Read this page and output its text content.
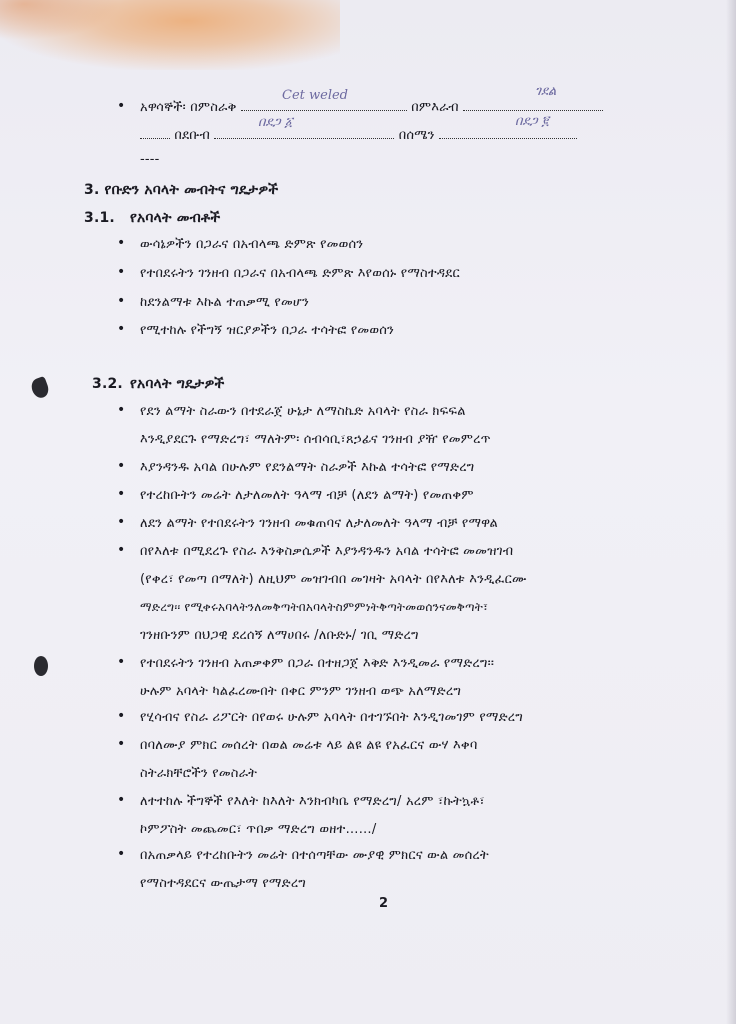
• አዋሳኞች፡ በምስራቅ	በምእራብ
Cet weled	ገደል
በደቡብ	በሰሜን
በደጋ ፩	በደጋ ፪
----
3. የቡድን አባላት መብትና ግዴታዎች
3.1. የአባላት መብቶች
• ውሳኔዎችን በጋራና በአብላጫ ድምጽ የመወሰን
• የተበደሩትን ገንዘብ በጋራና በአብላጫ ድምጽ እየወሰኑ የማስተዳደር
• ከደንልማቱ እኩል ተጠቃሚ የመሆን
• የሚተከሉ የችግኝ ዝርያዎችን በጋራ ተሳትፎ የመወሰን
3.2. የአባላት ግዴታዎች
• የደን ልማት ስራውን በተደራጀ ሁኔታ ለማስኬድ አባላት የስራ ክፍፍል
እንዲያደርጉ የማድረግ፣ ማለትም፡ ሰብሳቢ፣ጸኃፊና ገንዘብ ያዥ የመምረጥ
• እያንዳንዱ አባል በሁሉም የደንልማት ስራዎች እኩል ተሳትፎ የማድረግ
• የተረከቡትን መሬት ለታለመለት ዓላማ ብቻ (ለደን ልማት) የመጠቀም
• ለደን ልማት የተበደሩትን ገንዘብ መቁጠባና ለታለመለት ዓላማ ብቻ የማዋል
• በየእለቱ በሚደረጉ የስራ እንቅስቃሴዎች እያንዳንዱን አባል ተሳትፎ መመዝገብ
(የቀረ፣ የመጣ በማለት) ለዚህም መዝገብበ መገዛት አባላት በየእለቱ እንዲፈርሙ
ማድረግ፡፡ የሚቀሩአባላትንለመቅጣትበአባላትስምምነትቅጣትመወሰንናመቅጣት፣
ገንዘቡንም በህጋዊ ደረሰኝ ለማሀበሩ /ለቡድኑ/ ገቢ ማድረግ
• የተበደሩትን ገንዘብ አጠቃቀም በጋራ በተዘጋጀ እቅድ እንዲመራ የማድረግ፡፡
ሁሉም አባላት ካልፈረሙበት በቀር ምንም ገንዘብ ወጭ አለማድረግ
• የሂሳብና የስራ ሪፖርት በየወሩ ሁሉም አባላት በተገኙበት እንዲገመገም የማድረግ
• በባለሙያ ምክር መሰረት በወል መሬቱ ላይ ልዩ ልዩ የአፈርና ውሃ እቀባ
ስትራክቸሮችን የመስራት
• ለተተከሉ ችግኞች የእለት ከእለት እንክብካቤ የማድረግ/ አረም ፣ኩትኳቶ፣
ኮምፖስት መጨመር፣ ጥበቃ ማድረግ ወዘተ……/
• በአጠቃላይ የተረከቡትን መሬት በተሰጣቸው ሙያዊ ምክርና ውል መሰረት
የማስተዳደርና ውጤታማ የማድረግ
2
